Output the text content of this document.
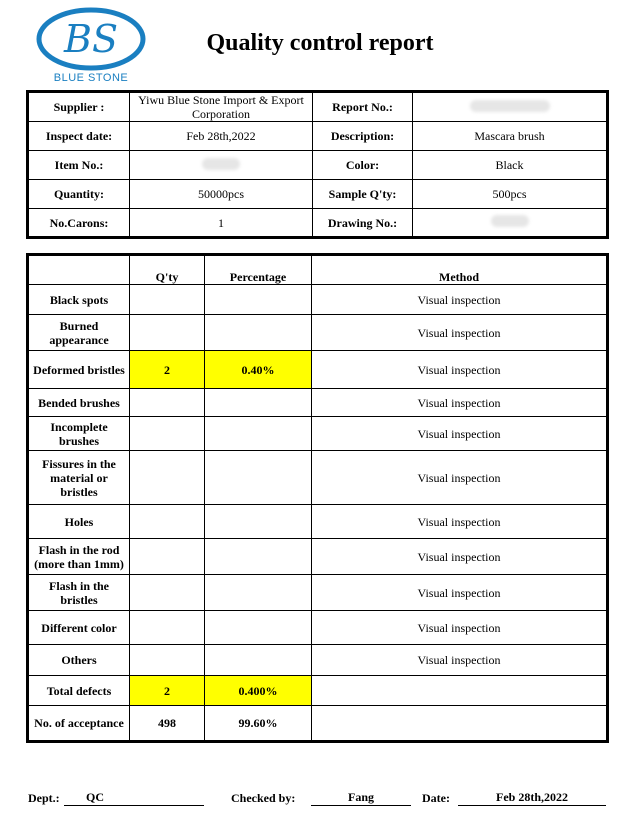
BS
BLUE STONE
Quality control report
Supplier :	Yiwu Blue Stone Import & Export Corporation	Report No.:	
Inspect date:	Feb 28th,2022	Description:	Mascara brush
Item No.:		Color:	Black
Quantity:	50000pcs	Sample Q'ty:	500pcs
No.Carons:	1	Drawing No.:	
	Q'ty	Percentage	Method
Black spots			Visual inspection
Burned appearance			Visual inspection
Deformed bristles	2	0.40%	Visual inspection
Bended brushes			Visual inspection
Incomplete brushes			Visual inspection
Fissures in the material or bristles			Visual inspection
Holes			Visual inspection
Flash in the rod (more than 1mm)			Visual inspection
Flash in the bristles			Visual inspection
Different color			Visual inspection
Others			Visual inspection
Total defects	2	0.400%	
No. of acceptance	498	99.60%	
Dept.:	QC	Checked by:	Fang	Date:	Feb 28th,2022
